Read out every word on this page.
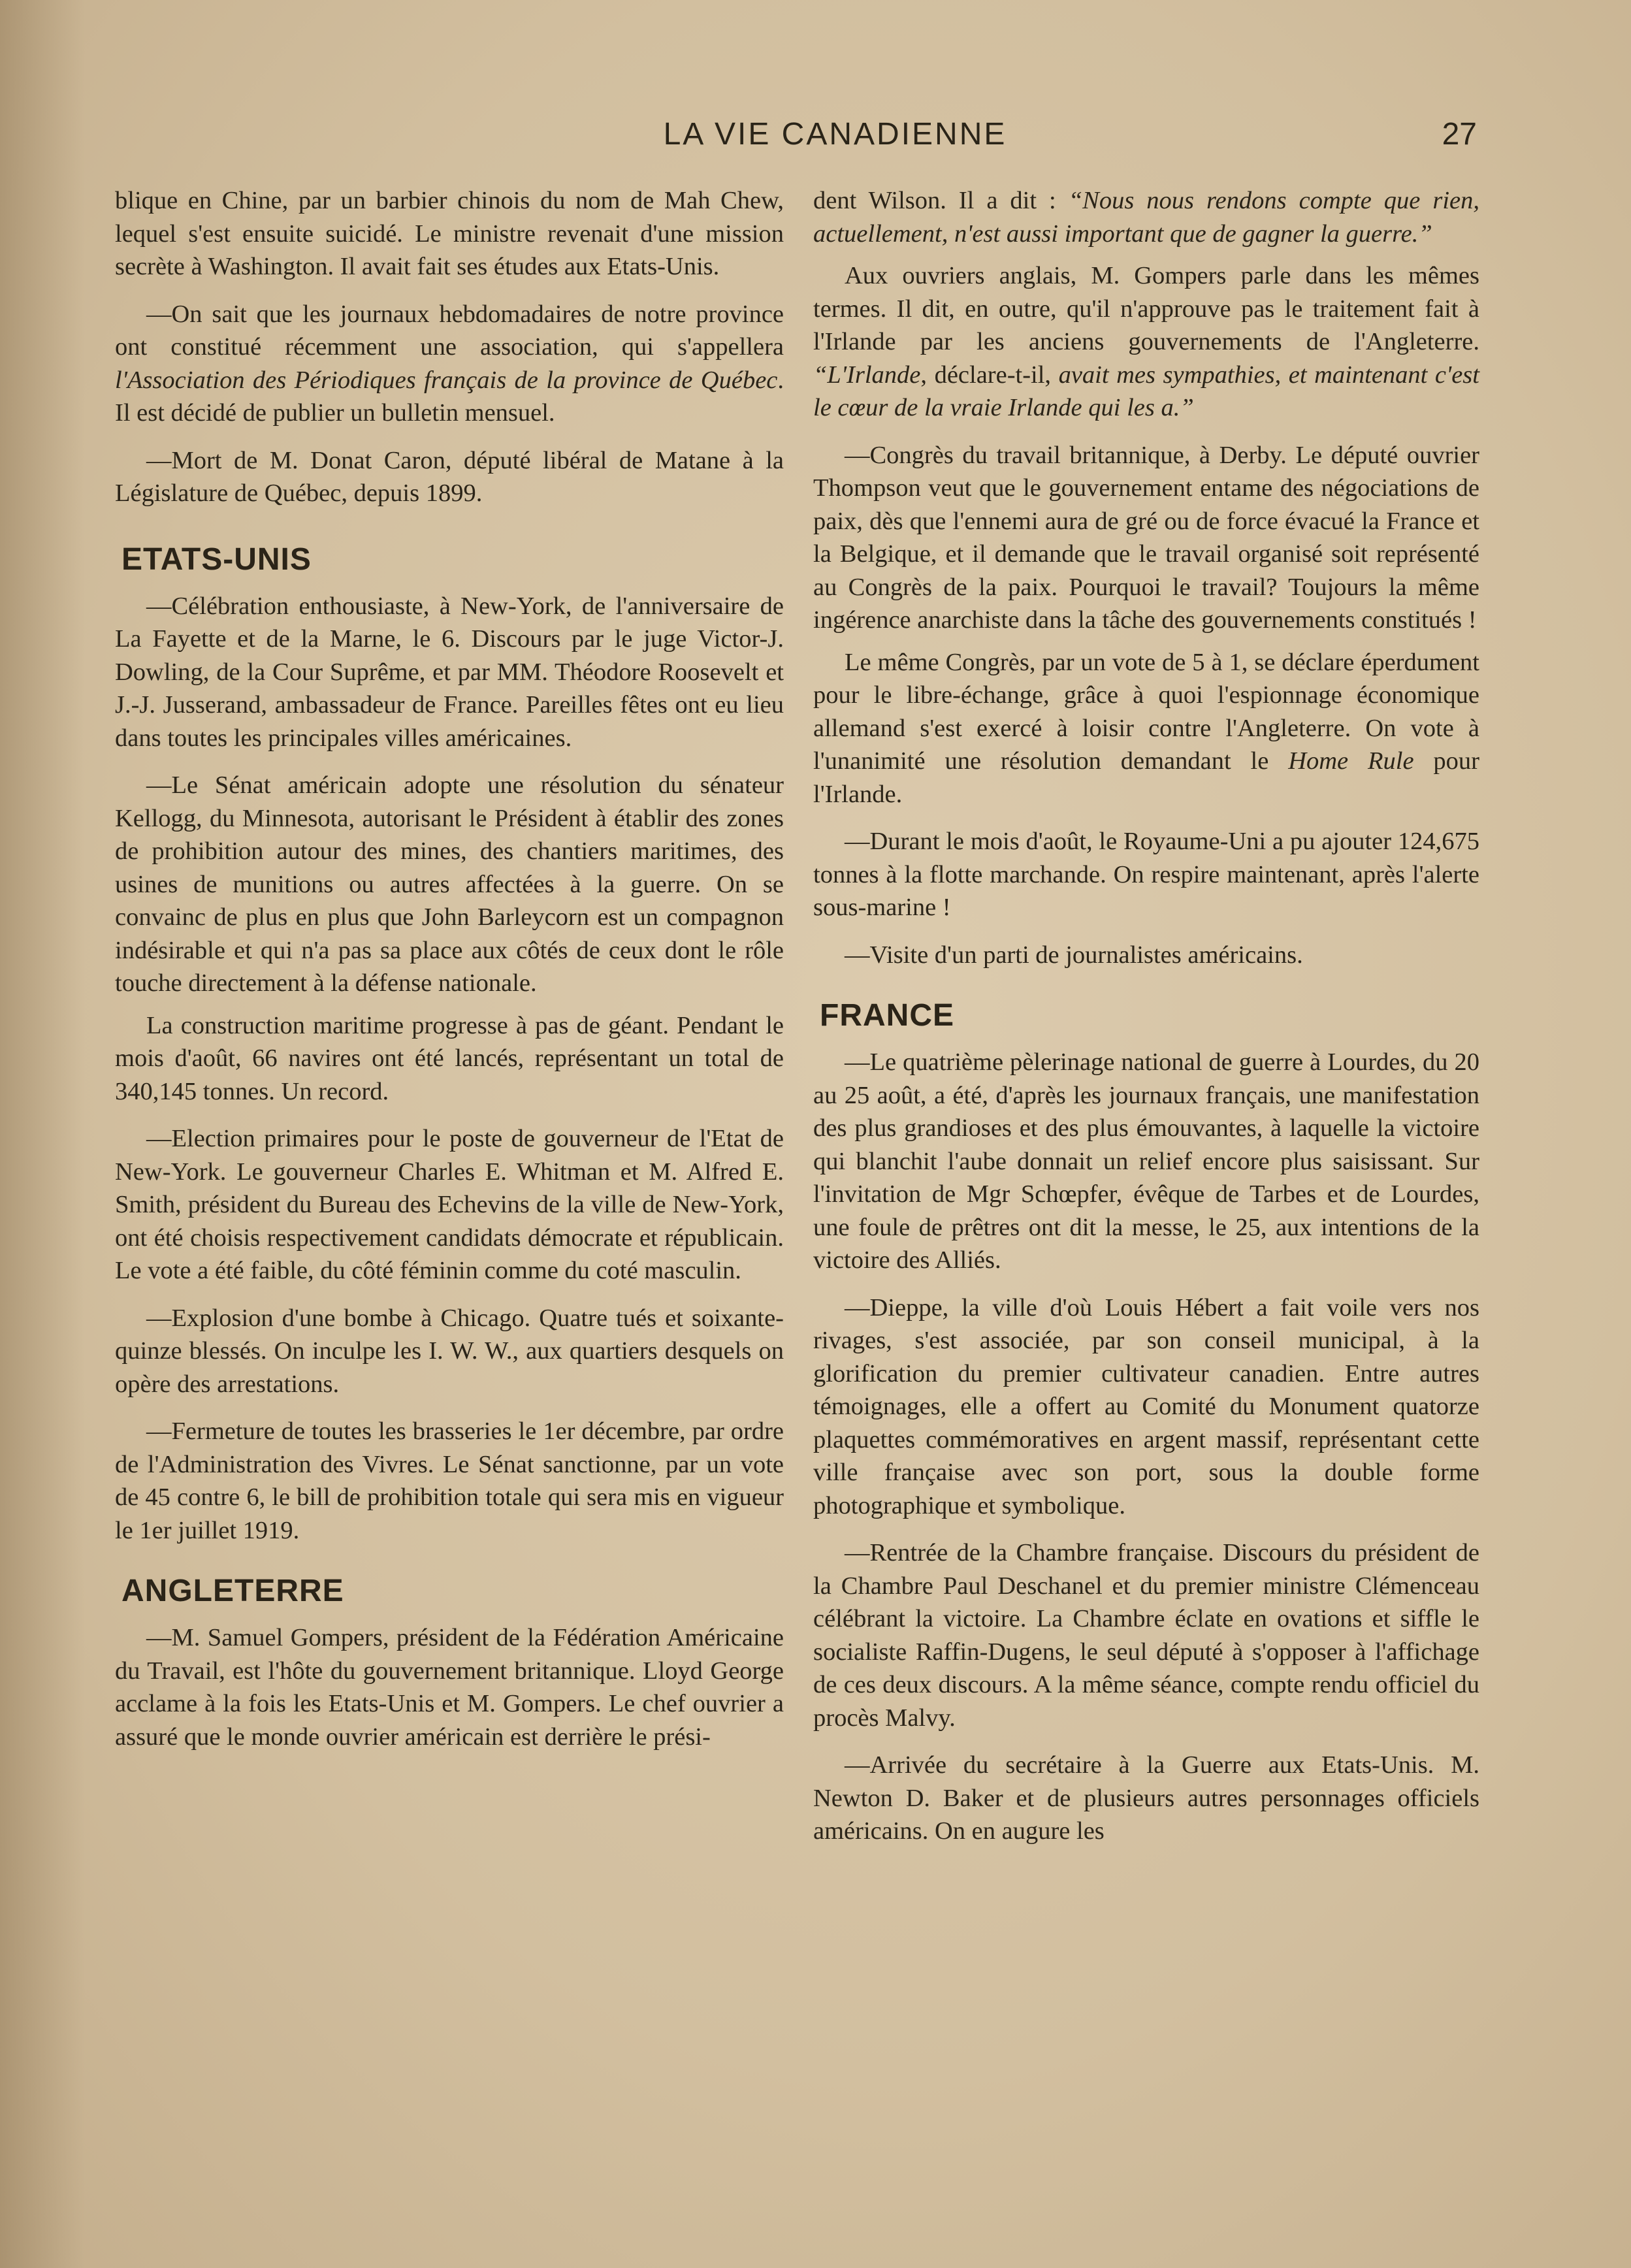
LA VIE CANADIENNE	27

blique en Chine, par un barbier chinois du nom de Mah Chew, lequel s'est ensuite suicidé. Le ministre revenait d'une mission secrète à Washington. Il avait fait ses études aux Etats-Unis.

—On sait que les journaux hebdomadaires de notre province ont constitué récemment une association, qui s'appellera l'Association des Périodiques français de la province de Québec. Il est décidé de publier un bulletin mensuel.

—Mort de M. Donat Caron, député libéral de Matane à la Législature de Québec, depuis 1899.

ETATS-UNIS

—Célébration enthousiaste, à New-York, de l'anniversaire de La Fayette et de la Marne, le 6. Discours par le juge Victor-J. Dowling, de la Cour Suprême, et par MM. Théodore Roosevelt et J.-J. Jusserand, ambassadeur de France. Pareilles fêtes ont eu lieu dans toutes les principales villes américaines.

—Le Sénat américain adopte une résolution du sénateur Kellogg, du Minnesota, autorisant le Président à établir des zones de prohibition autour des mines, des chantiers maritimes, des usines de munitions ou autres affectées à la guerre. On se convainc de plus en plus que John Barleycorn est un compagnon indésirable et qui n'a pas sa place aux côtés de ceux dont le rôle touche directement à la défense nationale.

La construction maritime progresse à pas de géant. Pendant le mois d'août, 66 navires ont été lancés, représentant un total de 340,145 tonnes. Un record.

—Election primaires pour le poste de gouverneur de l'Etat de New-York. Le gouverneur Charles E. Whitman et M. Alfred E. Smith, président du Bureau des Echevins de la ville de New-York, ont été choisis respectivement candidats démocrate et républicain. Le vote a été faible, du côté féminin comme du coté masculin.

—Explosion d'une bombe à Chicago. Quatre tués et soixante-quinze blessés. On inculpe les I. W. W., aux quartiers desquels on opère des arrestations.

—Fermeture de toutes les brasseries le 1er décembre, par ordre de l'Administration des Vivres. Le Sénat sanctionne, par un vote de 45 contre 6, le bill de prohibition totale qui sera mis en vigueur le 1er juillet 1919.

ANGLETERRE

—M. Samuel Gompers, président de la Fédération Américaine du Travail, est l'hôte du gouvernement britannique. Lloyd George acclame à la fois les Etats-Unis et M. Gompers. Le chef ouvrier a assuré que le monde ouvrier américain est derrière le prési-

dent Wilson. Il a dit : “Nous nous rendons compte que rien, actuellement, n'est aussi important que de gagner la guerre.”

Aux ouvriers anglais, M. Gompers parle dans les mêmes termes. Il dit, en outre, qu'il n'approuve pas le traitement fait à l'Irlande par les anciens gouvernements de l'Angleterre. “L'Irlande, déclare-t-il, avait mes sympathies, et maintenant c'est le cœur de la vraie Irlande qui les a.”

—Congrès du travail britannique, à Derby. Le député ouvrier Thompson veut que le gouvernement entame des négociations de paix, dès que l'ennemi aura de gré ou de force évacué la France et la Belgique, et il demande que le travail organisé soit représenté au Congrès de la paix. Pourquoi le travail? Toujours la même ingérence anarchiste dans la tâche des gouvernements constitués !

Le même Congrès, par un vote de 5 à 1, se déclare éperdument pour le libre-échange, grâce à quoi l'espionnage économique allemand s'est exercé à loisir contre l'Angleterre. On vote à l'unanimité une résolution demandant le Home Rule pour l'Irlande.

—Durant le mois d'août, le Royaume-Uni a pu ajouter 124,675 tonnes à la flotte marchande. On respire maintenant, après l'alerte sous-marine !

—Visite d'un parti de journalistes américains.

FRANCE

—Le quatrième pèlerinage national de guerre à Lourdes, du 20 au 25 août, a été, d'après les journaux français, une manifestation des plus grandioses et des plus émouvantes, à laquelle la victoire qui blanchit l'aube donnait un relief encore plus saisissant. Sur l'invitation de Mgr Schœpfer, évêque de Tarbes et de Lourdes, une foule de prêtres ont dit la messe, le 25, aux intentions de la victoire des Alliés.

—Dieppe, la ville d'où Louis Hébert a fait voile vers nos rivages, s'est associée, par son conseil municipal, à la glorification du premier cultivateur canadien. Entre autres témoignages, elle a offert au Comité du Monument quatorze plaquettes commémoratives en argent massif, représentant cette ville française avec son port, sous la double forme photographique et symbolique.

—Rentrée de la Chambre française. Discours du président de la Chambre Paul Deschanel et du premier ministre Clémenceau célébrant la victoire. La Chambre éclate en ovations et siffle le socialiste Raffin-Dugens, le seul député à s'opposer à l'affichage de ces deux discours. A la même séance, compte rendu officiel du procès Malvy.

—Arrivée du secrétaire à la Guerre aux Etats-Unis. M. Newton D. Baker et de plusieurs autres personnages officiels américains. On en augure les
